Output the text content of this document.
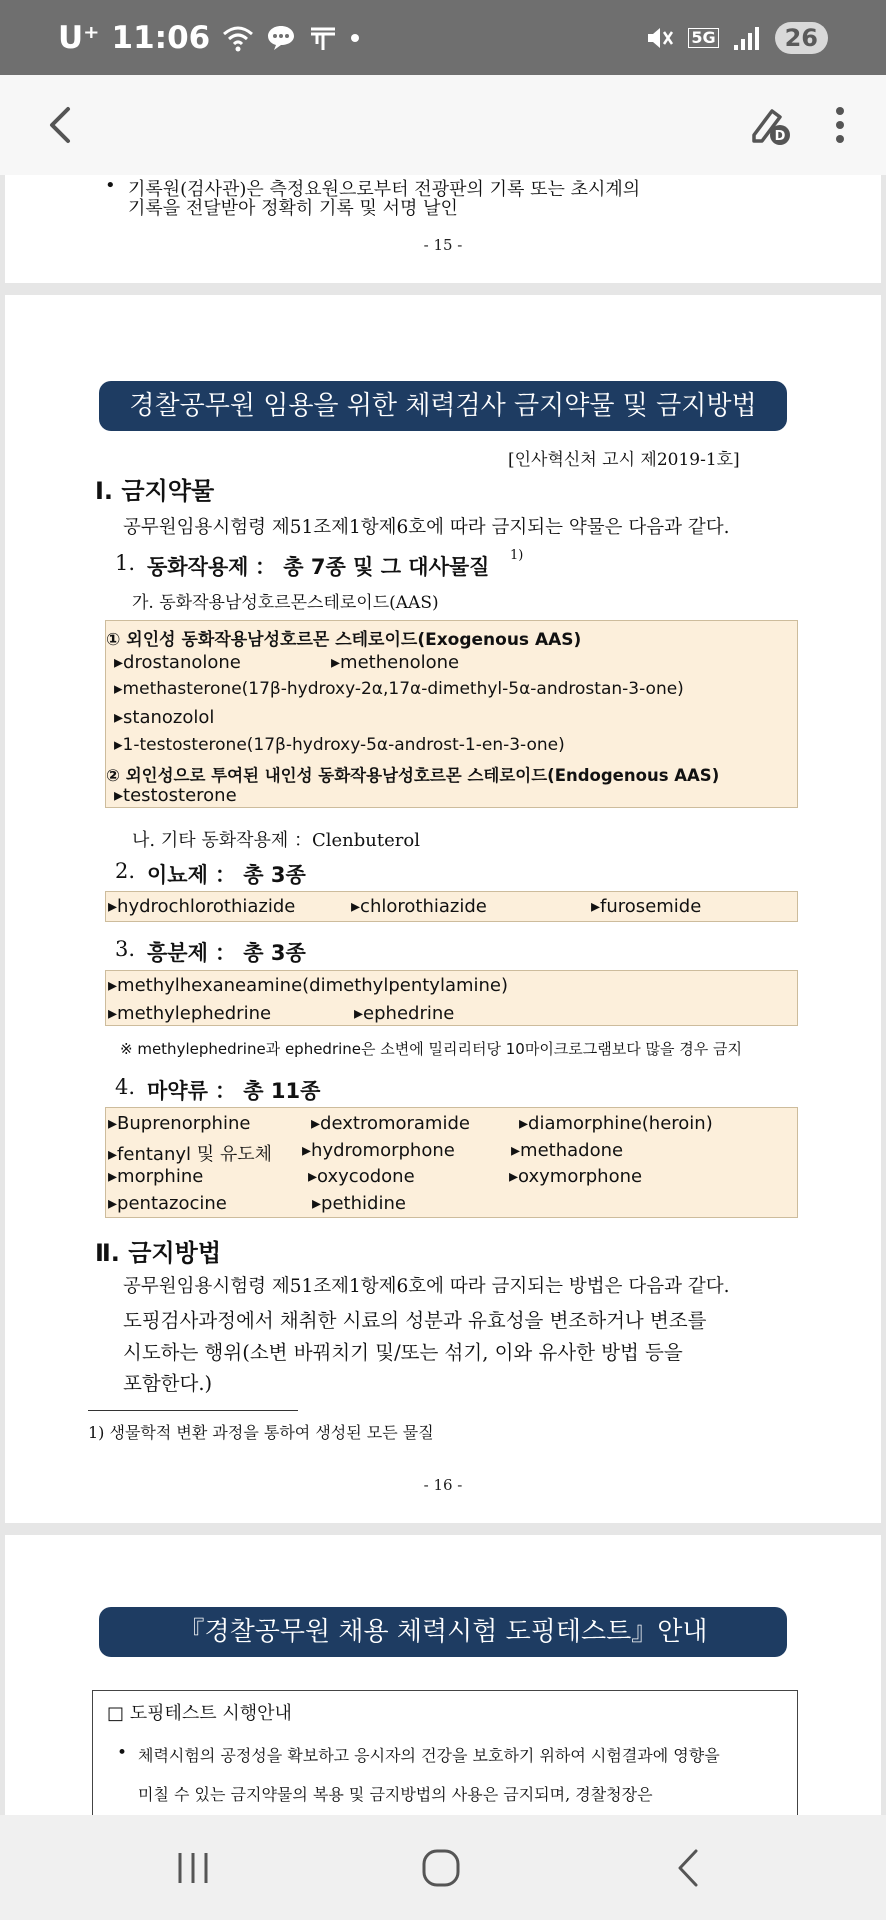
U⁺ 11:06	5G	26
D
• 기록원(검사관)은 측정요원으로부터 전광판의 기록 또는 초시계의
기록을 전달받아 정확히 기록 및 서명 날인
- 15 -
경찰공무원 임용을 위한 체력검사 금지약물 및 금지방법
[인사혁신처 고시 제2019-1호]
Ⅰ. 금지약물
공무원임용시험령 제51조제1항제6호에 따라 금지되는 약물은 다음과 같다.
1. 동화작용제 ： 총 7종 및 그 대사물질 1)
가. 동화작용남성호르몬스테로이드(AAS)
① 외인성 동화작용남성호르몬 스테로이드(Exogenous AAS)
▸drostanolone	▸methenolone
▸methasterone(17β-hydroxy-2α,17α-dimethyl-5α-androstan-3-one)
▸stanozolol
▸1-testosterone(17β-hydroxy-5α-androst-1-en-3-one)
② 외인성으로 투여된 내인성 동화작용남성호르몬 스테로이드(Endogenous AAS)
▸testosterone
나. 기타 동화작용제 ：Clenbuterol
2. 이뇨제 ： 총 3종
▸hydrochlorothiazide	▸chlorothiazide	▸furosemide
3. 흥분제 ： 총 3종
▸methylhexaneamine(dimethylpentylamine)
▸methylephedrine	▸ephedrine
※ methylephedrine과 ephedrine은 소변에 밀리리터당 10마이크로그램보다 많을 경우 금지
4. 마약류 ： 총 11종
▸Buprenorphine	▸dextromoramide	▸diamorphine(heroin)
▸fentanyl 및 유도체 ▸hydromorphone	▸methadone
▸morphine	▸oxycodone	▸oxymorphone
▸pentazocine	▸pethidine
Ⅱ. 금지방법
공무원임용시험령 제51조제1항제6호에 따라 금지되는 방법은 다음과 같다.
도핑검사과정에서 채취한 시료의 성분과 유효성을 변조하거나 변조를
시도하는 행위(소변 바꿔치기 및/또는 섞기, 이와 유사한 방법 등을
포함한다.)
1) 생물학적 변환 과정을 통하여 생성된 모든 물질
- 16 -
『경찰공무원 채용 체력시험 도핑테스트』안내
□ 도핑테스트 시행안내
• 체력시험의 공정성을 확보하고 응시자의 건강을 보호하기 위하여 시험결과에 영향을
미칠 수 있는 금지약물의 복용 및 금지방법의 사용은 금지되며, 경찰청장은
